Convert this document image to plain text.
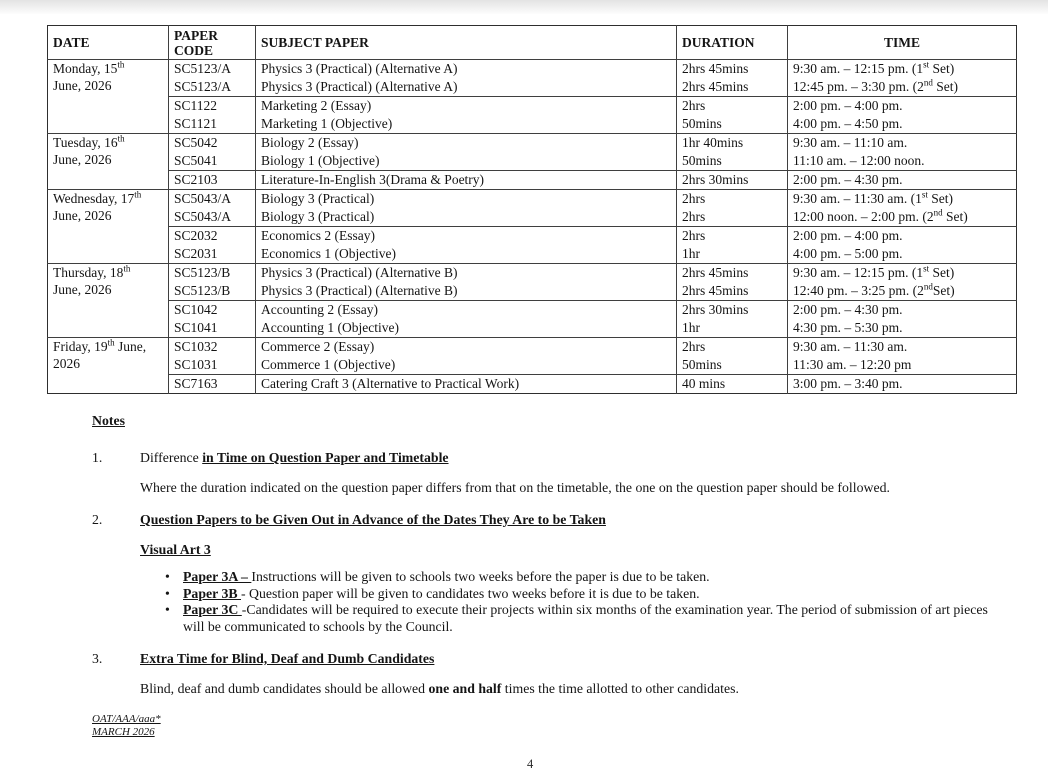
DATE	PAPER CODE	SUBJECT PAPER	DURATION	TIME
Monday, 15th
June, 2026	SC5123/A	Physics 3 (Practical) (Alternative A)	2hrs 45mins	9:30 am. – 12:15 pm. (1st Set)
	SC5123/A	Physics 3 (Practical) (Alternative A)	2hrs 45mins	12:45 pm. – 3:30 pm. (2nd Set)
	SC1122	Marketing 2 (Essay)	2hrs	2:00 pm. – 4:00 pm.
	SC1121	Marketing 1 (Objective)	50mins	4:00 pm. – 4:50 pm.
Tuesday, 16th
June, 2026	SC5042	Biology 2 (Essay)	1hr 40mins	9:30 am. – 11:10 am.
	SC5041	Biology 1 (Objective)	50mins	11:10 am. – 12:00 noon.
	SC2103	Literature-In-English 3(Drama & Poetry)	2hrs 30mins	2:00 pm. – 4:30 pm.
Wednesday, 17th
June, 2026	SC5043/A	Biology 3 (Practical)	2hrs	9:30 am. – 11:30 am. (1st Set)
	SC5043/A	Biology 3 (Practical)	2hrs	12:00 noon. – 2:00 pm. (2nd Set)
	SC2032	Economics 2 (Essay)	2hrs	2:00 pm. – 4:00 pm.
	SC2031	Economics 1 (Objective)	1hr	4:00 pm. – 5:00 pm.
Thursday, 18th
June, 2026	SC5123/B	Physics 3 (Practical) (Alternative B)	2hrs 45mins	9:30 am. – 12:15 pm. (1st Set)
	SC5123/B	Physics 3 (Practical) (Alternative B)	2hrs 45mins	12:40 pm. – 3:25 pm. (2ndSet)
	SC1042	Accounting 2 (Essay)	2hrs 30mins	2:00 pm. – 4:30 pm.
	SC1041	Accounting 1 (Objective)	1hr	4:30 pm. – 5:30 pm.
Friday, 19th June,
2026	SC1032	Commerce 2 (Essay)	2hrs	9:30 am. – 11:30 am.
	SC1031	Commerce 1 (Objective)	50mins	11:30 am. – 12:20 pm
	SC7163	Catering Craft 3 (Alternative to Practical Work)	40 mins	3:00 pm. – 3:40 pm.
Notes
1.	Difference in Time on Question Paper and Timetable
Where the duration indicated on the question paper differs from that on the timetable, the one on the question paper should be followed.
2.	Question Papers to be Given Out in Advance of the Dates They Are to be Taken
Visual Art 3
• Paper 3A – Instructions will be given to schools two weeks before the paper is due to be taken.
• Paper 3B - Question paper will be given to candidates two weeks before it is due to be taken.
• Paper 3C -Candidates will be required to execute their projects within six months of the examination year. The period of submission of art pieces will be communicated to schools by the Council.
3.	Extra Time for Blind, Deaf and Dumb Candidates
Blind, deaf and dumb candidates should be allowed one and half times the time allotted to other candidates.
OAT/AAA/aaa*
MARCH 2026
4
